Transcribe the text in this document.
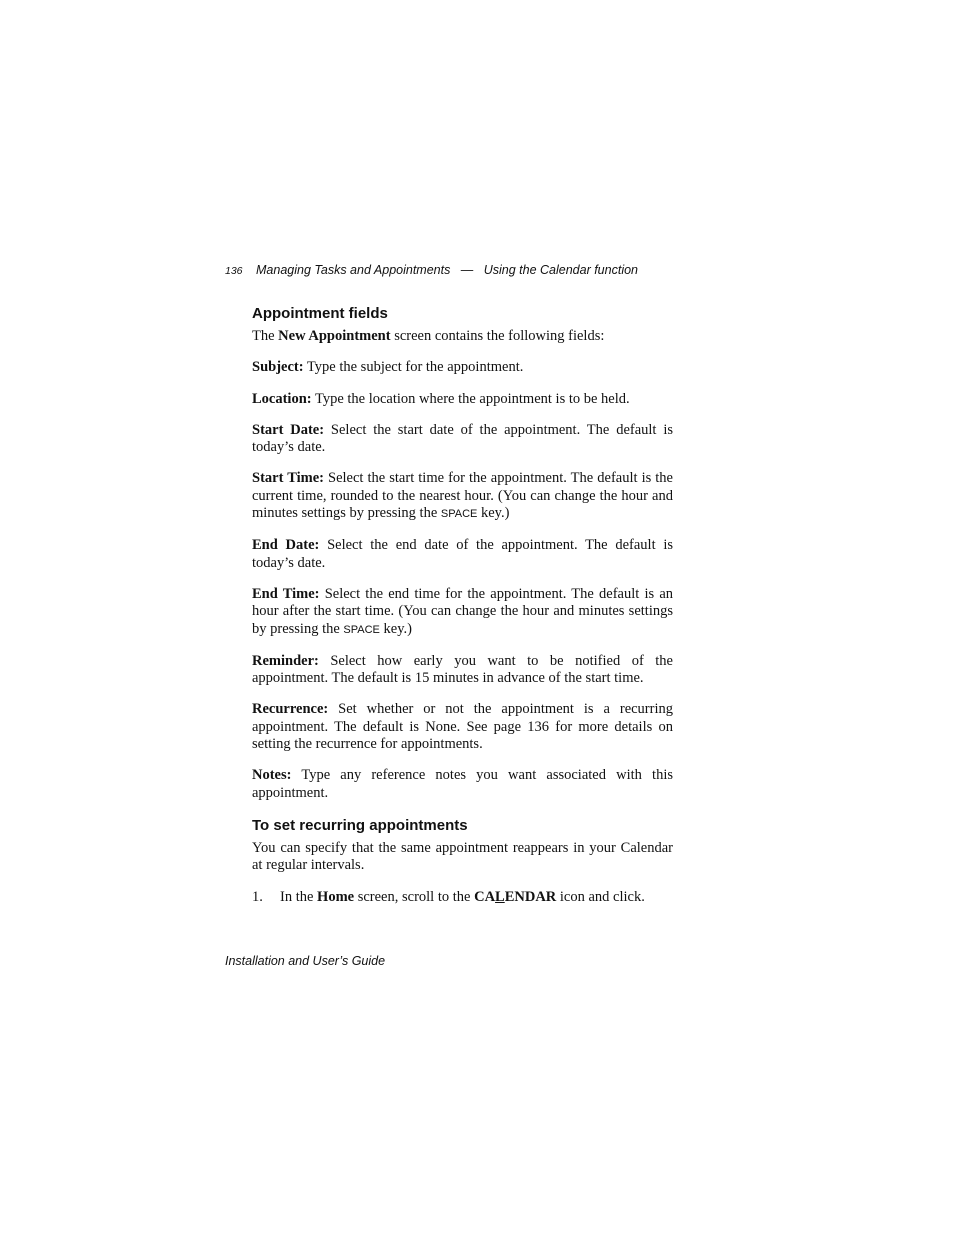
136 Managing Tasks and Appointments — Using the Calendar function
Appointment fields

The New Appointment screen contains the following fields:

Subject: Type the subject for the appointment.

Location: Type the location where the appointment is to be held.

Start Date: Select the start date of the appointment. The default is today’s date.

Start Time: Select the start time for the appointment. The default is the current time, rounded to the nearest hour. (You can change the hour and minutes settings by pressing the SPACE key.)

End Date: Select the end date of the appointment. The default is today’s date.

End Time: Select the end time for the appointment. The default is an hour after the start time. (You can change the hour and minutes settings by pressing the SPACE key.)

Reminder: Select how early you want to be notified of the appointment. The default is 15 minutes in advance of the start time.

Recurrence: Set whether or not the appointment is a recurring appointment. The default is None. See page 136 for more details on setting the recurrence for appointments.

Notes: Type any reference notes you want associated with this appointment.

To set recurring appointments

You can specify that the same appointment reappears in your Calendar at regular intervals.

1. In the Home screen, scroll to the CALENDAR icon and click.
Installation and User’s Guide
